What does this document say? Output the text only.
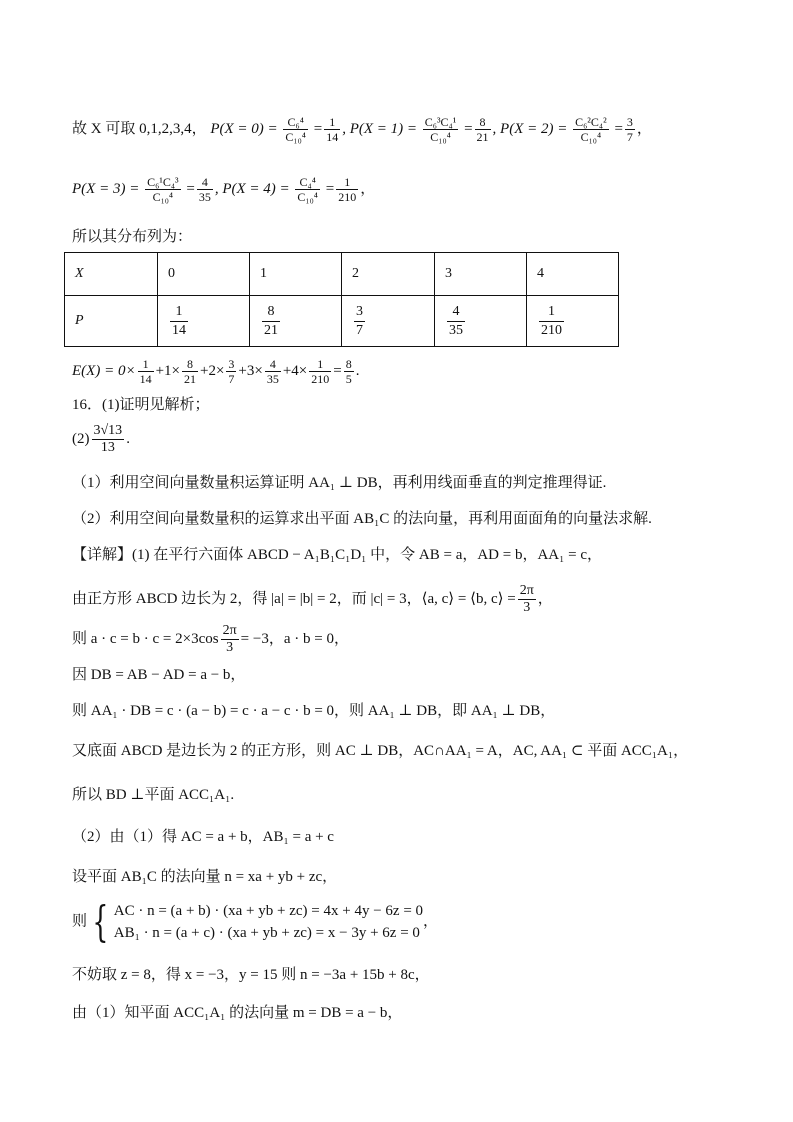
故 X 可取 0,1,2,3,4， $P(X = 0) = \frac{\text{C₆⁴}}{\text{C₁₀⁴}} = \frac{1}{14}$ , $P(X = 1) = \frac{\text{C₆³C₄¹}}{\text{C₁₀⁴}} = \frac{8}{21}$ , $P(X = 2) = \frac{\text{C₆²C₄²}}{\text{C₁₀⁴}} = \frac{3}{7}$ ，
$P(X = 3) = \frac{\text{C₆¹C₄³}}{\text{C₁₀⁴}} = \frac{4}{35}$ , $P(X = 4) = \frac{\text{C₄⁴}}{\text{C₁₀⁴}} = \frac{1}{210}$ ，
所以其分布列为：
X	0	1	2	3	4
P	$\frac{1}{14}$	$\frac{8}{21}$	$\frac{3}{7}$	$\frac{4}{35}$	$\frac{1}{210}$
$E(X) = 0\times \frac{1}{14} +1\times \frac{8}{21} +2\times \frac{3}{7} +3\times \frac{4}{35} +4\times \frac{1}{210} = \frac{8}{5}$ .
16．(1)证明见解析；
$(2) \frac{3√13}{13}$ .
（1）利用空间向量数量积运算证明 AA₁ ⊥ DB，再利用线面垂直的判定推理得证.
（2）利用空间向量数量积的运算求出平面 AB₁C 的法向量，再利用面面角的向量法求解.
【详解】(1) 在平行六面体 ABCD − A₁B₁C₁D₁ 中，令 AB = a，AD = b，AA₁ = c，
由正方形 ABCD 边长为 2，得 |a| = |b| = 2，而 |c| = 3，⟨a, c⟩ = ⟨b, c⟩ = $\frac{2\pi}{3}$ ，
则 $a \cdot c = b \cdot c = 2\times 3\cos \frac{2\pi}{3} = -3$，a · b = 0，
因 DB = AB − AD = a − b，
则 AA₁ · DB = c · (a − b) = c · a − c · b = 0，则 AA₁ ⊥ DB，即 AA₁ ⊥ DB，
又底面 ABCD 是边长为 2 的正方形，则 AC ⊥ DB，AC∩AA₁ = A，AC, AA₁ ⊂ 平面 ACC₁A₁，
所以 BD ⊥平面 ACC₁A₁.
（2）由（1）得 AC = a + b，AB₁ = a + c
设平面 AB₁C 的法向量 n = xa + yb + zc，
则 { AC · n = (a + b) · (xa + yb + zc) = 4x + 4y − 6z = 0
AB₁ · n = (a + c) · (xa + yb + zc) = x − 3y + 6z = 0
，
不妨取 z = 8，得 x = −3，y = 15 则 n = −3a + 15b + 8c，
由（1）知平面 ACC₁A₁ 的法向量 m = DB = a − b，
